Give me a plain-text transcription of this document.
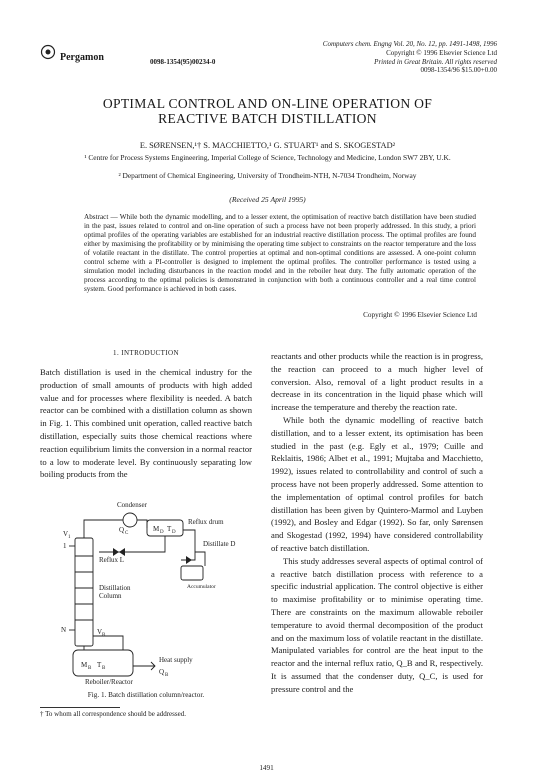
Pergamon
Computers chem. Engng Vol. 20, No. 12, pp. 1491-1498, 1996
Copyright © 1996 Elsevier Science Ltd
Printed in Great Britain. All rights reserved
0098-1354/96 $15.00+0.00
0098-1354(95)00234-0
OPTIMAL CONTROL AND ON-LINE OPERATION OF
REACTIVE BATCH DISTILLATION
E. SØRENSEN,¹† S. MACCHIETTO,¹ G. STUART¹ and S. SKOGESTAD²
¹ Centre for Process Systems Engineering, Imperial College of Science, Technology and Medicine, London SW7 2BY, U.K.
² Department of Chemical Engineering, University of Trondheim-NTH, N-7034 Trondheim, Norway
(Received 25 April 1995)
Abstract — While both the dynamic modelling, and to a lesser extent, the optimisation of reactive batch distillation have been studied in the past, issues related to control and on-line operation of such a process have not been properly addressed. In this study, a priori optimal profiles of the operating variables are established for an industrial reactive distillation process. The optimal profiles are found either by maximising the profitability or by minimising the operating time subject to constraints on the reactor temperature and the loss of volatile reactant in the distillate. The control properties at optimal and non-optimal conditions are assessed. A one-point column control scheme with a PI-controller is designed to implement the optimal profiles. The controller performance is tested using a simulation model including disturbances in the reaction model and in the reboiler heat duty. The fully automatic operation of the process according to the optimal policies is demonstrated in conjunction with both a continuous controller and a real time control system. Good performance is achieved in both cases.
Copyright © 1996 Elsevier Science Ltd
1. INTRODUCTION

Batch distillation is used in the chemical industry for the production of small amounts of products with high added value and for processes where flexibility is needed. A batch reactor can be combined with a distillation column as shown in Fig. 1. This combined unit operation, called reactive batch distillation, especially suits those chemical reactions where reaction equilibrium limits the conversion in a normal reactor to a low to moderate level. By continuously separating low boiling products from the

Condenser
Q C
Reflux drum
M D T D
V 1
Reflux L
Distillate D
Accumulator
Distillation
Column
1
N	V B
M B T B
Heat supply
Q B
Reboiler/Reactor
Fig. 1. Batch distillation column/reactor.
† To whom all correspondence should be addressed.

reactants and other products while the reaction is in progress, the reaction can proceed to a much higher level of conversion. Also, removal of a light product results in a decrease in its concentration in the liquid phase which will increase the temperature and thereby the reaction rate.

While both the dynamic modelling of reactive batch distillation, and to a lesser extent, its optimisation has been studied in the past (e.g. Egly et al., 1979; Cuille and Reklaitis, 1986; Albet et al., 1991; Mujtaba and Macchietto, 1992), issues related to controllability and control of such a process have not been properly addressed. Some attention to the implementation of optimal control profiles for batch distillation has been given by Quintero-Marmol and Luyben (1992), and Bosley and Edgar (1992). So far, only Sørensen and Skogestad (1992, 1994) have considered controllability of reactive batch distillation.

This study addresses several aspects of optimal control of a reactive batch distillation process with reference to a specific industrial application. The control objective is either to maximise profitability or to minimise operating time. There are constraints on the maximum allowable reboiler temperature to avoid thermal decomposition of the product and on the maximum loss of volatile reactant in the distillate. Manipulated variables for control are the heat input to the reactor and the internal reflux ratio, Q_B and R, respectively. It is assumed that the condenser duty, Q_C, is used for pressure control and the

1491
